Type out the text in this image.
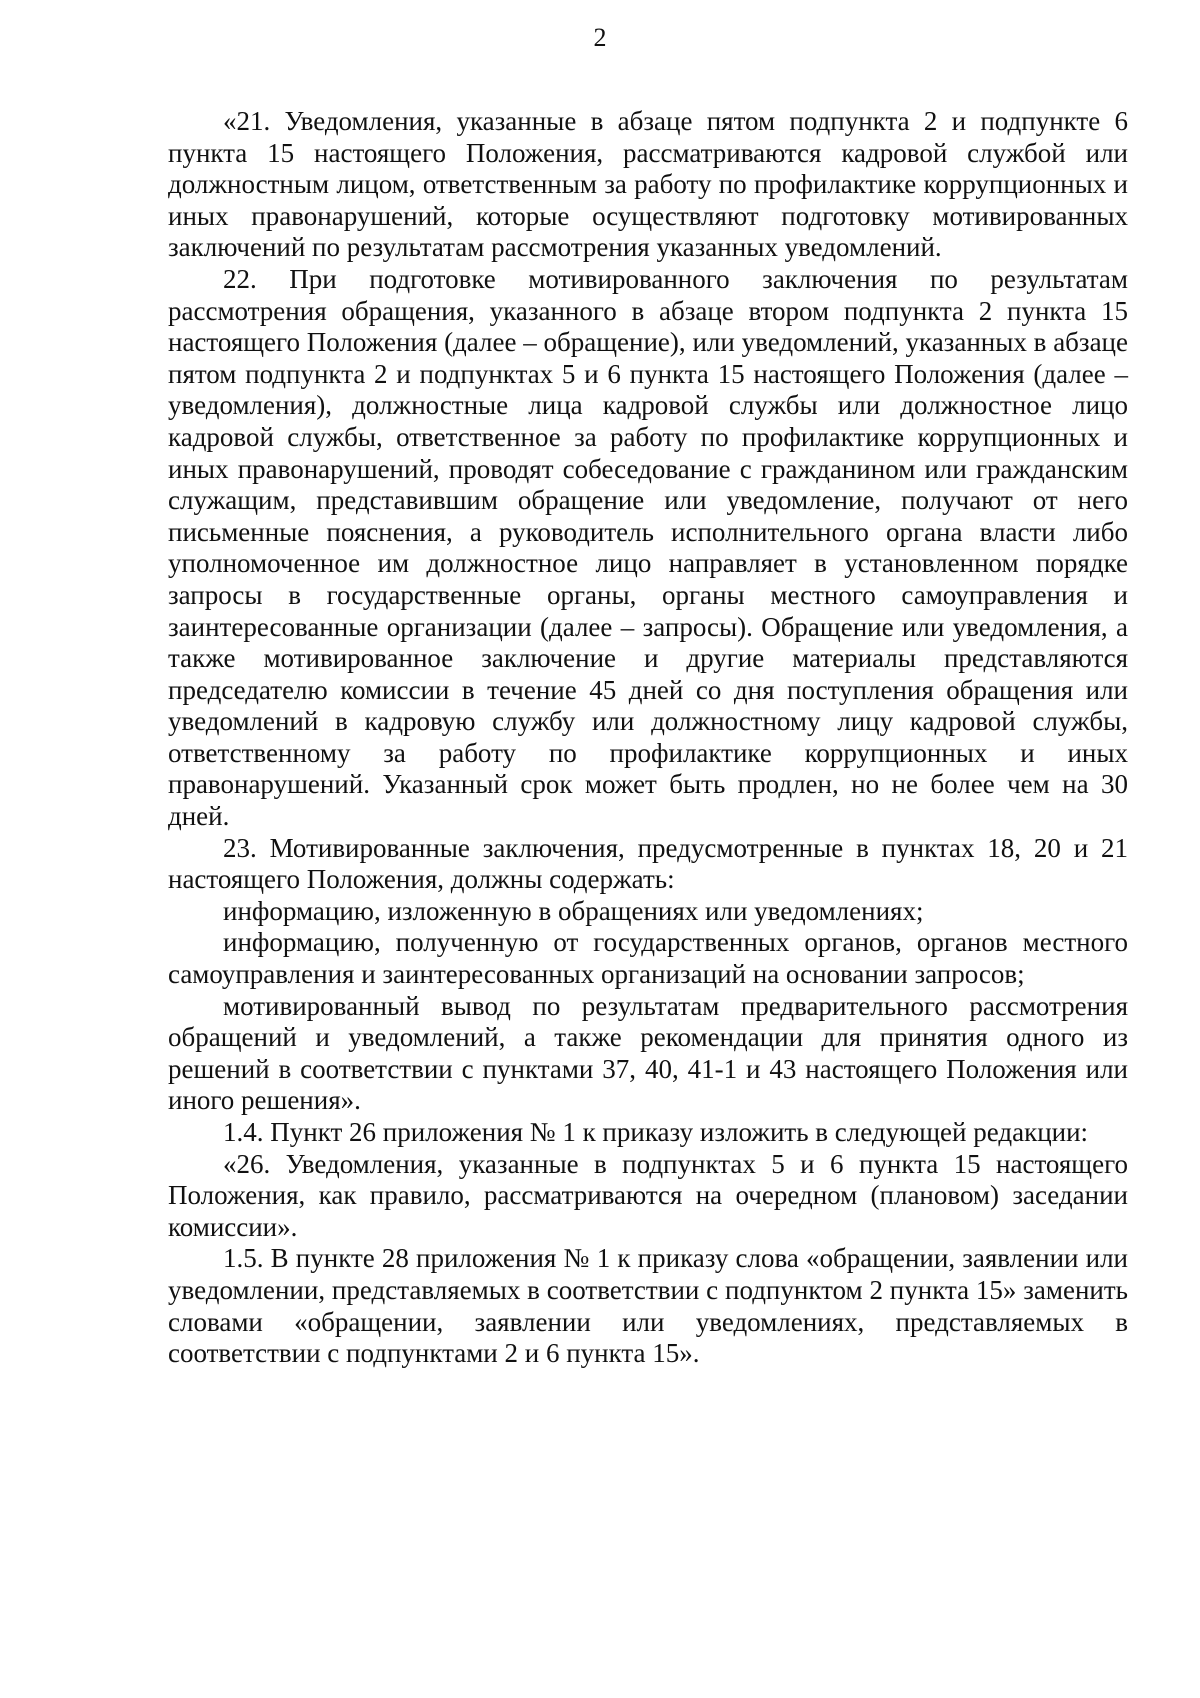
2

«21. Уведомления, указанные в абзаце пятом подпункта 2 и подпункте 6 пункта 15 настоящего Положения, рассматриваются кадровой службой или должностным лицом, ответственным за работу по профилактике коррупционных и иных правонарушений, которые осуществляют подготовку мотивированных заключений по результатам рассмотрения указанных уведомлений.

22. При подготовке мотивированного заключения по результатам рассмотрения обращения, указанного в абзаце втором подпункта 2 пункта 15 настоящего Положения (далее – обращение), или уведомлений, указанных в абзаце пятом подпункта 2 и подпунктах 5 и 6 пункта 15 настоящего Положения (далее – уведомления), должностные лица кадровой службы или должностное лицо кадровой службы, ответственное за работу по профилактике коррупционных и иных правонарушений, проводят собеседование с гражданином или гражданским служащим, представившим обращение или уведомление, получают от него письменные пояснения, а руководитель исполнительного органа власти либо уполномоченное им должностное лицо направляет в установленном порядке запросы в государственные органы, органы местного самоуправления и заинтересованные организации (далее – запросы). Обращение или уведомления, а также мотивированное заключение и другие материалы представляются председателю комиссии в течение 45 дней со дня поступления обращения или уведомлений в кадровую службу или должностному лицу кадровой службы, ответственному за работу по профилактике коррупционных и иных правонарушений. Указанный срок может быть продлен, но не более чем на 30 дней.

23. Мотивированные заключения, предусмотренные в пунктах 18, 20 и 21 настоящего Положения, должны содержать:

информацию, изложенную в обращениях или уведомлениях;

информацию, полученную от государственных органов, органов местного самоуправления и заинтересованных организаций на основании запросов;

мотивированный вывод по результатам предварительного рассмотрения обращений и уведомлений, а также рекомендации для принятия одного из решений в соответствии с пунктами 37, 40, 41-1 и 43 настоящего Положения или иного решения».

1.4. Пункт 26 приложения № 1 к приказу изложить в следующей редакции:

«26. Уведомления, указанные в подпунктах 5 и 6 пункта 15 настоящего Положения, как правило, рассматриваются на очередном (плановом) заседании комиссии».

1.5. В пункте 28 приложения № 1 к приказу слова «обращении, заявлении или уведомлении, представляемых в соответствии с подпунктом 2 пункта 15» заменить словами «обращении, заявлении или уведомлениях, представляемых в соответствии с подпунктами 2 и 6 пункта 15».
